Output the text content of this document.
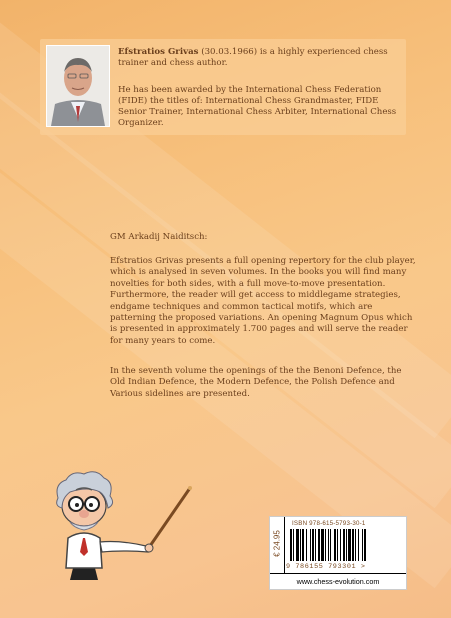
Efstratios Grivas (30.03.1966) is a highly experienced chess trainer and chess author.
He has been awarded by the International Chess Federation (FIDE) the titles of: International Chess Grandmaster, FIDE Senior Trainer, International Chess Arbiter, International Chess Organizer.
GM Arkadij Naiditsch:
Efstratios Grivas presents a full opening repertory for the club player, which is analysed in seven volumes. In the books you will find many novelties for both sides, with a full move-to-move presentation. Furthermore, the reader will get access to middlegame strategies, endgame techniques and common tactical motifs, which are patterning the proposed variations. An opening Magnum Opus which is presented in approximately 1.700 pages and will serve the reader for many years to come.
In the seventh volume the openings of the the Benoni Defence, the Old Indian Defence, the Modern Defence, the Polish Defence and Various sidelines are presented.
€ 24.95
ISBN 978-615-5793-30-1
9 786155 793301 >
www.chess-evolution.com
